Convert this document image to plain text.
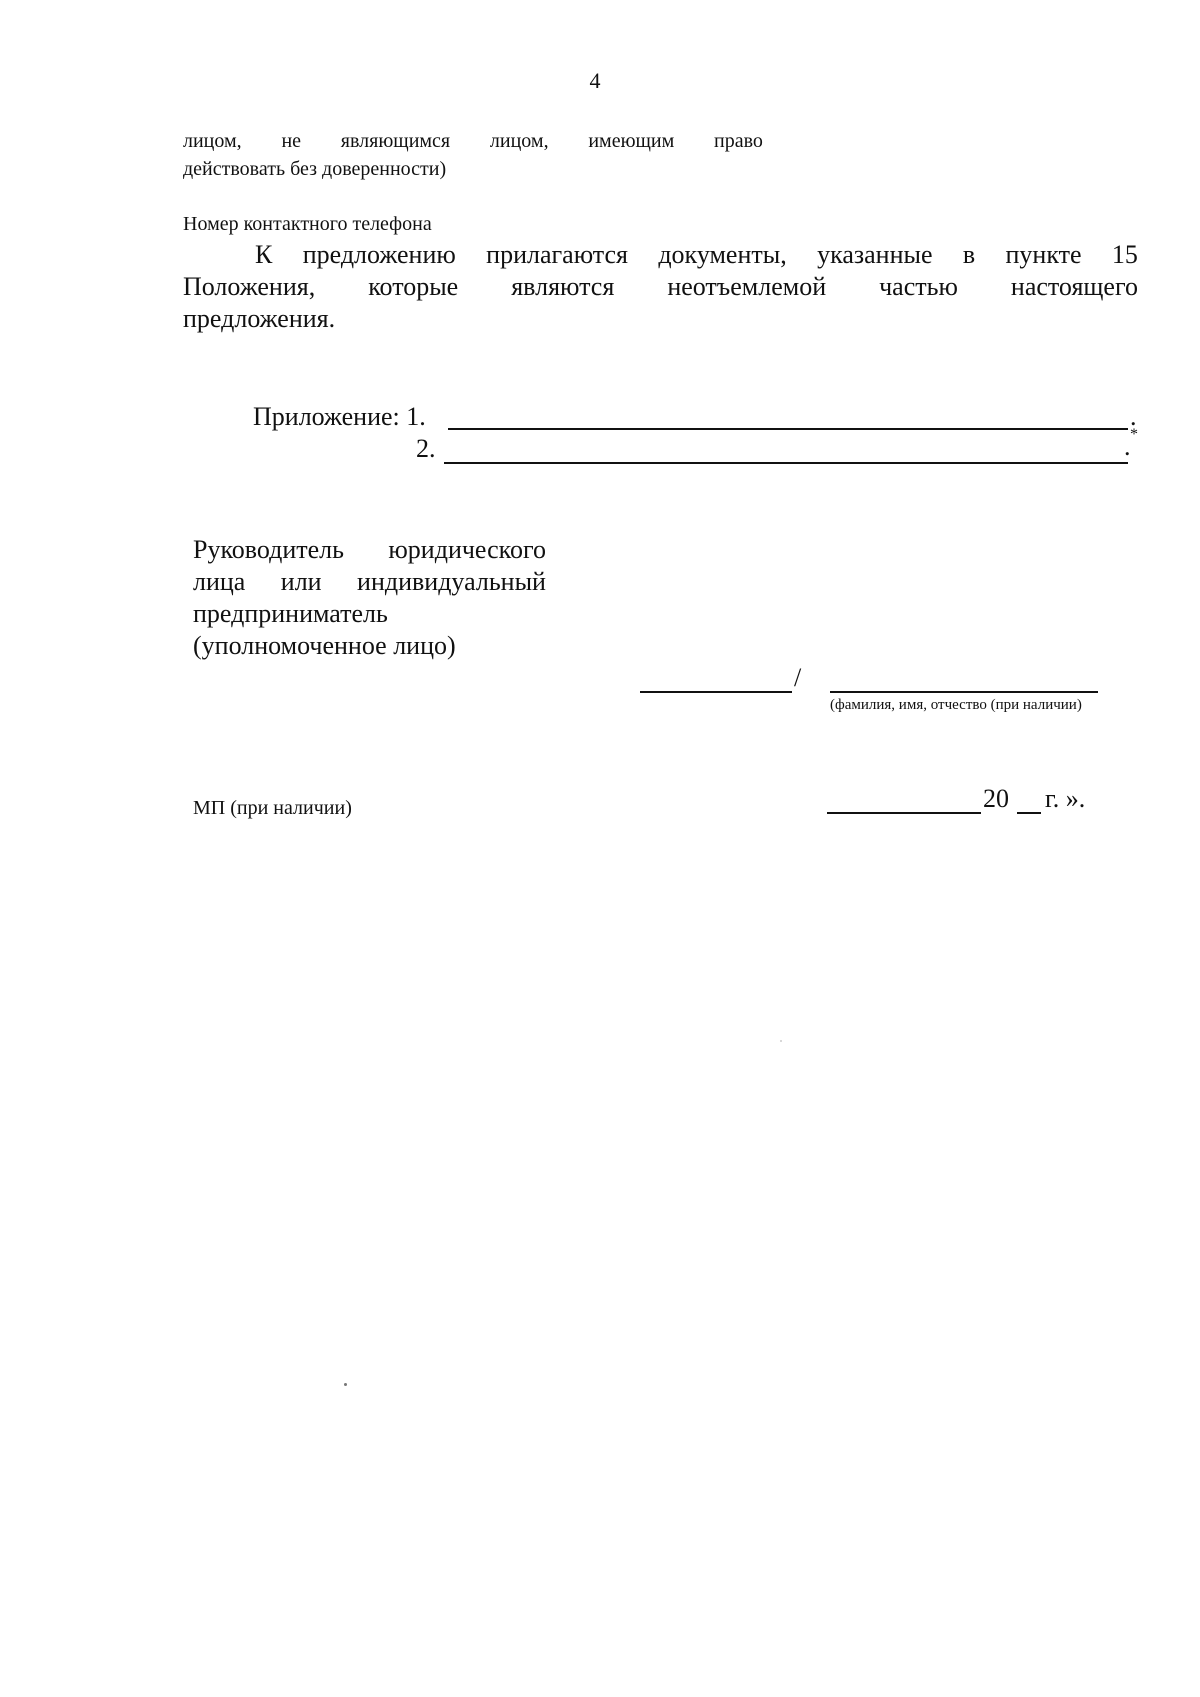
4
лицом, не являющимся лицом, имеющим право
действовать без доверенности)
Номер контактного телефона
К предложению прилагаются документы, указанные в пункте 15
Положения, которые являются неотъемлемой частью настоящего
предложения.
Приложение: 1.	.
2.	*
.
Руководитель юридического
лица или индивидуальный
предприниматель
(уполномоченное лицо)
/
(фамилия, имя, отчество (при наличии)
МП (при наличии)	20 г. ».
